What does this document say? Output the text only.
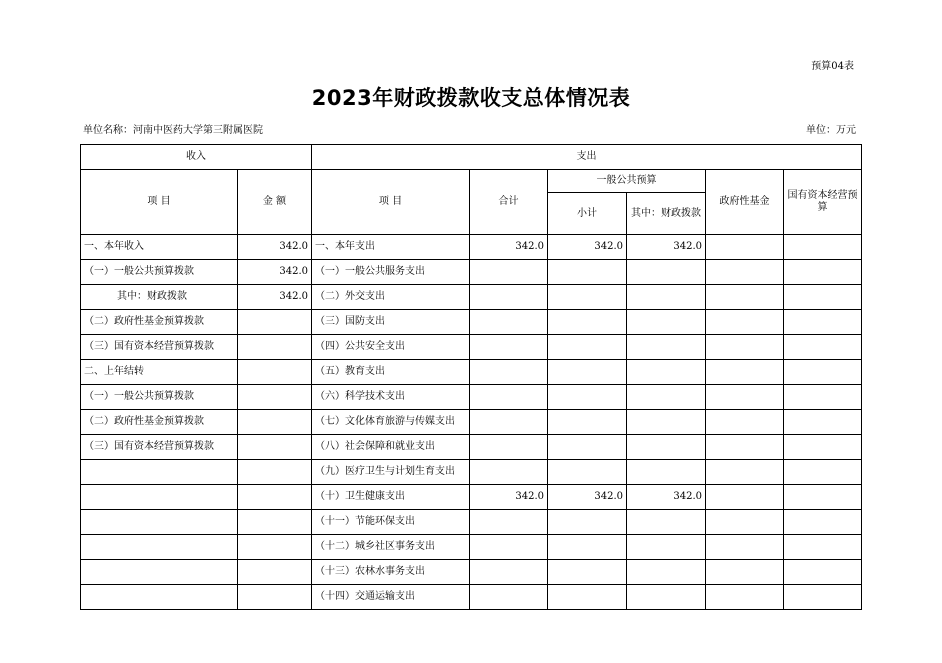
预算04表
2023年财政拨款收支总体情况表
单位名称：河南中医药大学第三附属医院	单位：万元
收入		支出					
项 目	金 额	项 目	合计	一般公共预算		政府性基金	国有资本经营预算
				小计	其中：财政拨款		
一、本年收入	342.0	一、本年支出	342.0	342.0	342.0		
（一）一般公共预算拨款	342.0	（一）一般公共服务支出					
其中：财政拨款	342.0	（二）外交支出					
（二）政府性基金预算拨款		（三）国防支出					
（三）国有资本经营预算拨款		（四）公共安全支出					
二、上年结转		（五）教育支出					
（一）一般公共预算拨款		（六）科学技术支出					
（二）政府性基金预算拨款		（七）文化体育旅游与传媒支出					
（三）国有资本经营预算拨款		（八）社会保障和就业支出					
		（九）医疗卫生与计划生育支出					
		（十）卫生健康支出	342.0	342.0	342.0		
		（十一）节能环保支出					
		（十二）城乡社区事务支出					
		（十三）农林水事务支出					
		（十四）交通运输支出					
